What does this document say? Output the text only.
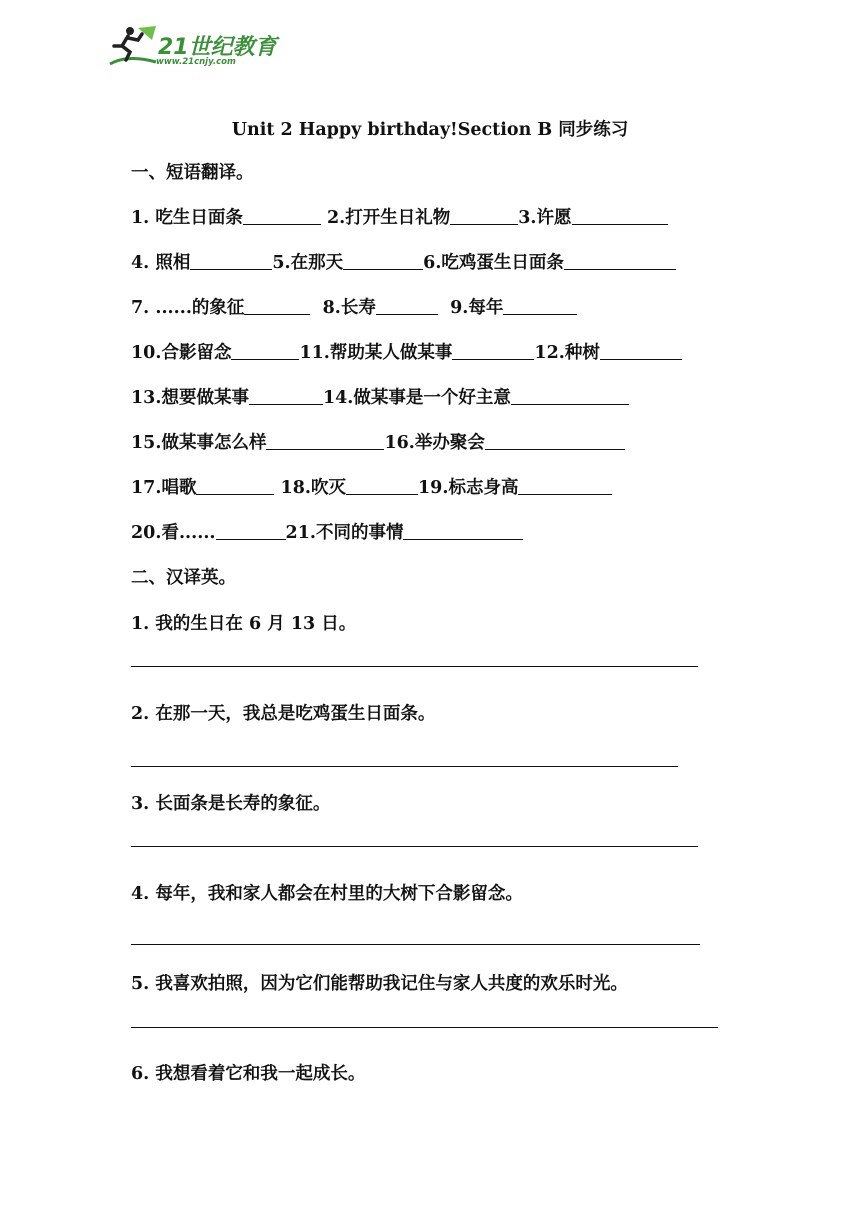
21世纪教育
www.21cnjy.com
Unit 2 Happy birthday!Section B 同步练习
一、短语翻译。
1. 吃生日面条	2.打开生日礼物	3.许愿
4. 照相	5.在那天	6.吃鸡蛋生日面条
7. ......的象征	8.长寿	9.每年
10.合影留念	11.帮助某人做某事	12.种树
13.想要做某事	14.做某事是一个好主意
15.做某事怎么样	16.举办聚会
17.唱歌	18.吹灭	19.标志身高
20.看......	21.不同的事情
二、汉译英。
1. 我的生日在 6 月 13 日。
2. 在那一天，我总是吃鸡蛋生日面条。
3. 长面条是长寿的象征。
4. 每年，我和家人都会在村里的大树下合影留念。
5. 我喜欢拍照，因为它们能帮助我记住与家人共度的欢乐时光。
6. 我想看着它和我一起成长。
